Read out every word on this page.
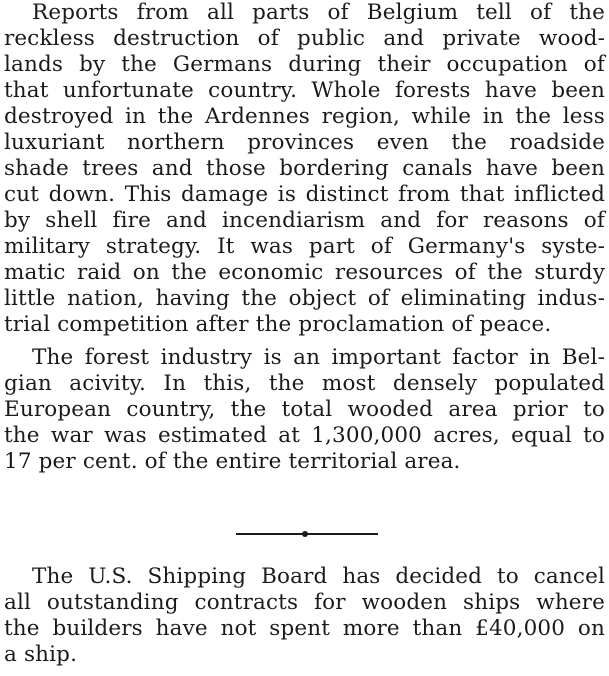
Reports from all parts of Belgium tell of the
reckless destruction of public and private wood-
lands by the Germans during their occupation of
that unfortunate country. Whole forests have been
destroyed in the Ardennes region, while in the less
luxuriant northern provinces even the roadside
shade trees and those bordering canals have been
cut down. This damage is distinct from that inflicted
by shell fire and incendiarism and for reasons of
military strategy. It was part of Germany's syste-
matic raid on the economic resources of the sturdy
little nation, having the object of eliminating indus-
trial competition after the proclamation of peace.
The forest industry is an important factor in Bel-
gian acivity. In this, the most densely populated
European country, the total wooded area prior to
the war was estimated at 1,300,000 acres, equal to
17 per cent. of the entire territorial area.
The U.S. Shipping Board has decided to cancel
all outstanding contracts for wooden ships where
the builders have not spent more than £40,000 on
a ship.
